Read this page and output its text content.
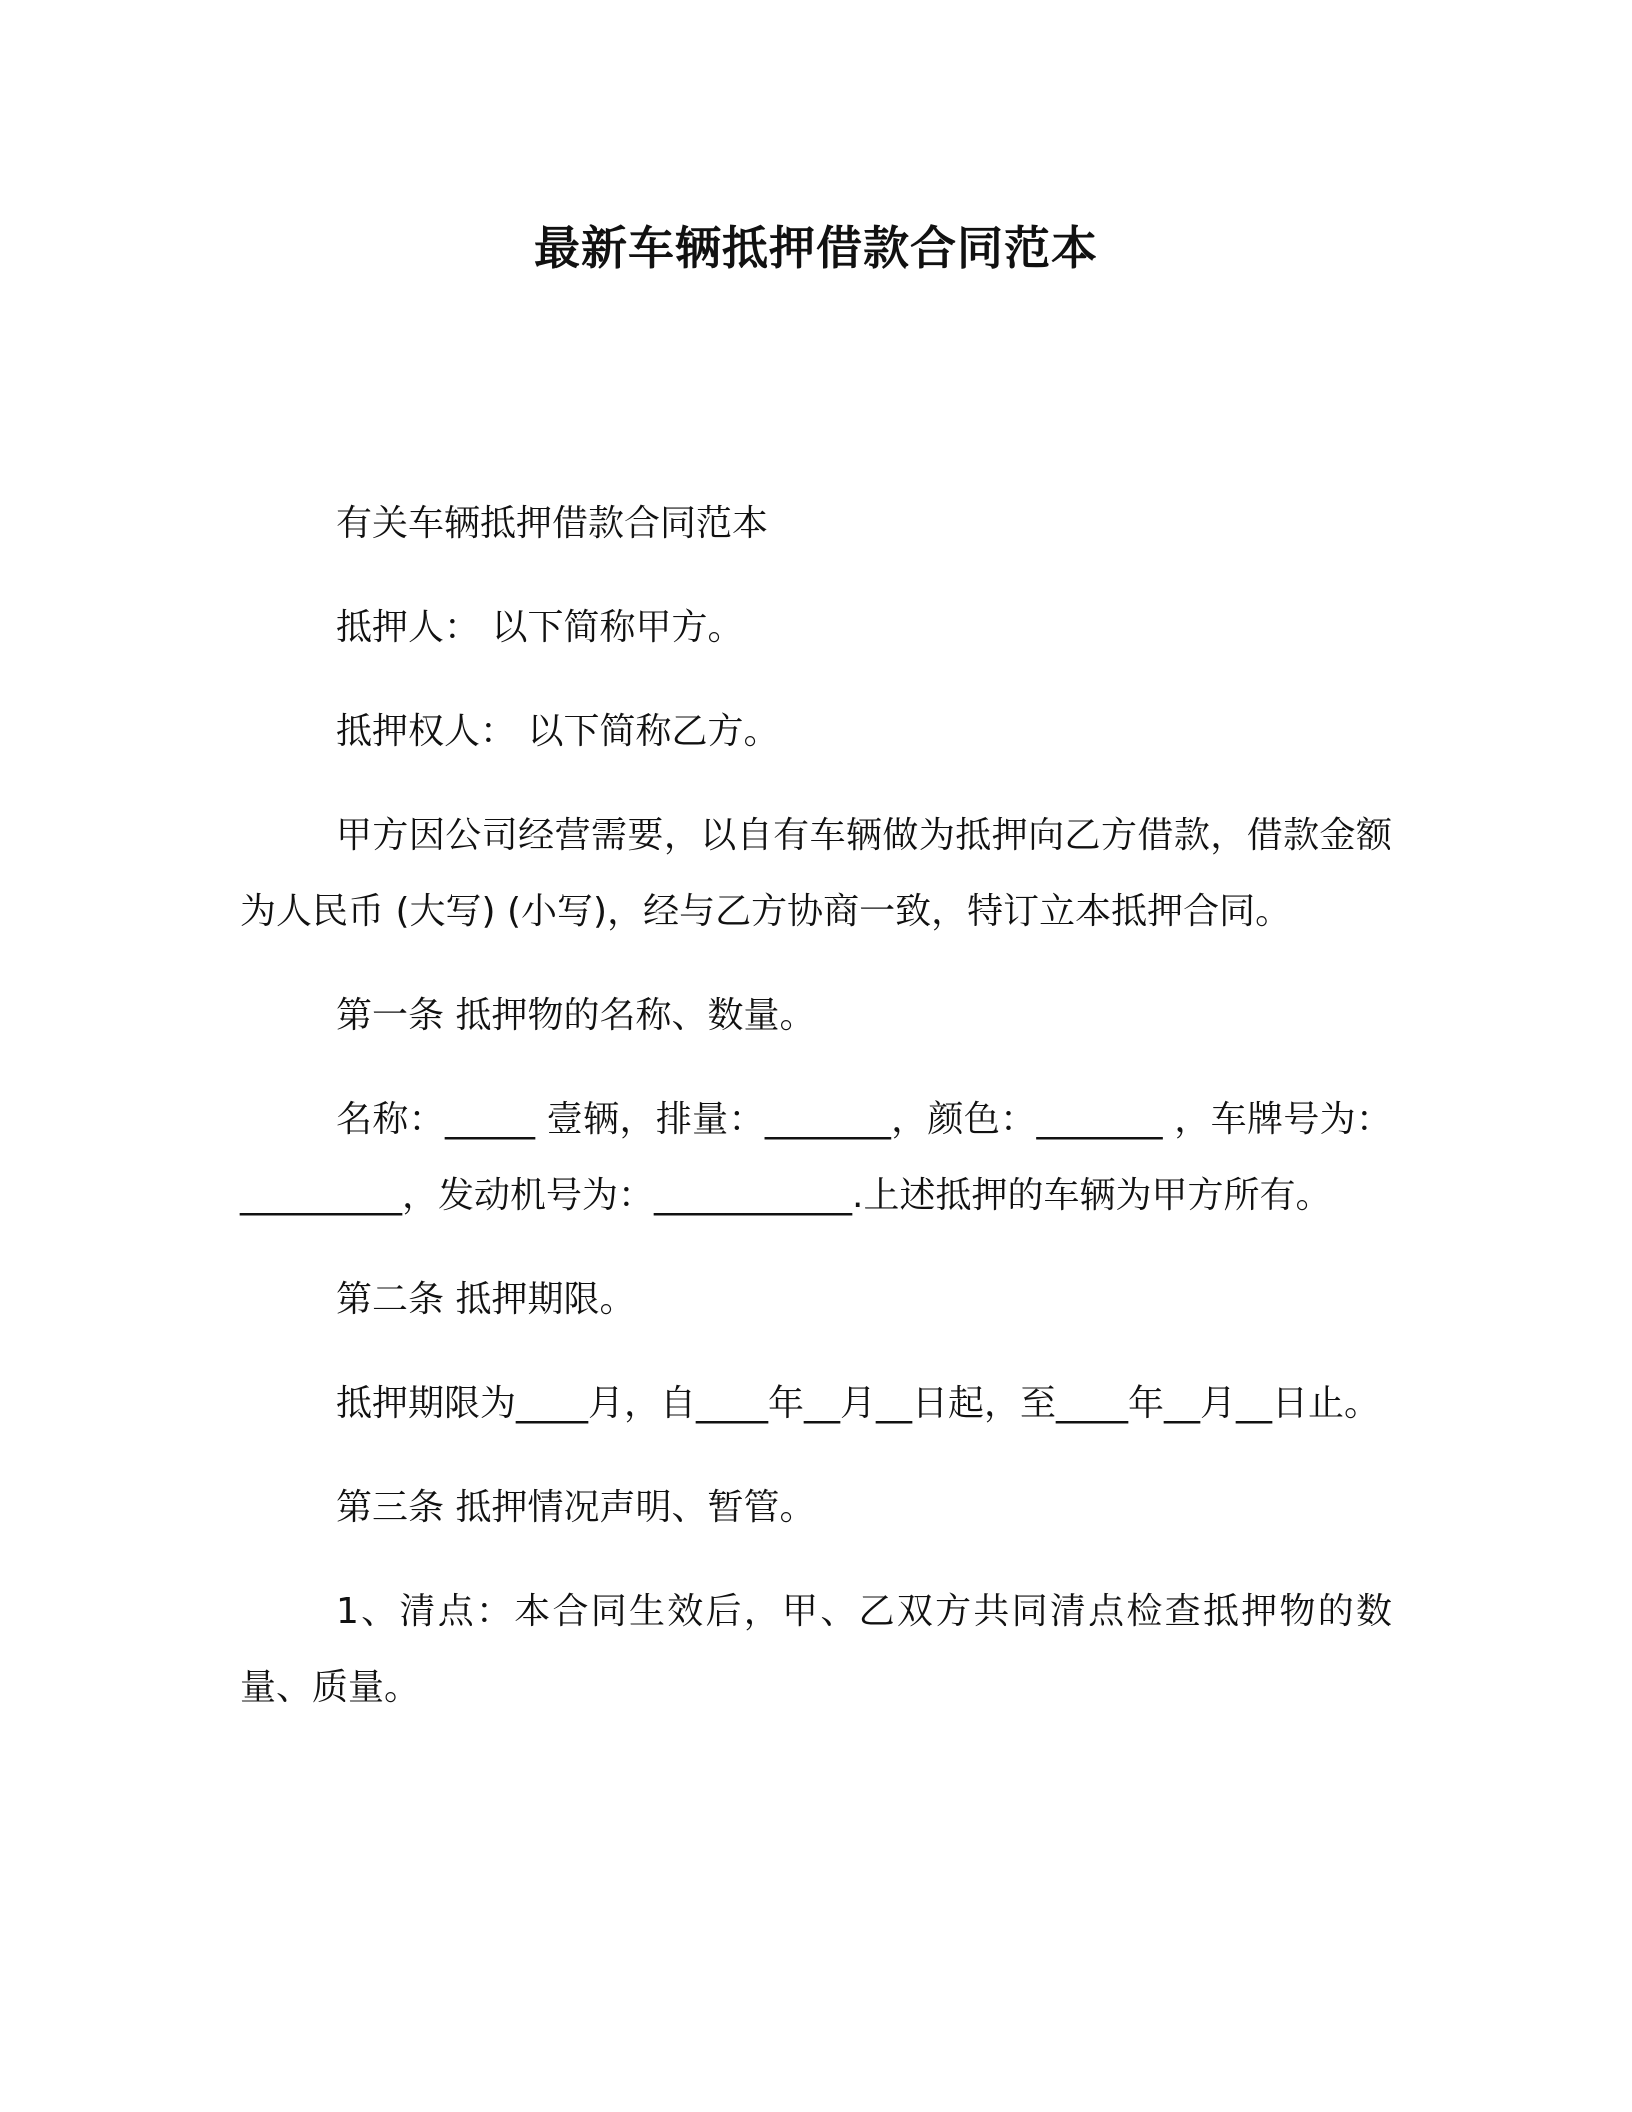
最新车辆抵押借款合同范本

有关车辆抵押借款合同范本

抵押人： 以下简称甲方。

抵押权人： 以下简称乙方。

甲方因公司经营需要，以自有车辆做为抵押向乙方借款，借款金额为人民币 (大写) (小写)，经与乙方协商一致，特订立本抵押合同。

第一条 抵押物的名称、数量。

名称：_____ 壹辆，排量：_______，颜色：_______ ，车牌号为：_________，发动机号为：___________.上述抵押的车辆为甲方所有。

第二条 抵押期限。

抵押期限为____月，自____年__月__日起，至____年__月__日止。

第三条 抵押情况声明、暂管。

1、清点：本合同生效后，甲、乙双方共同清点检查抵押物的数量、质量。
